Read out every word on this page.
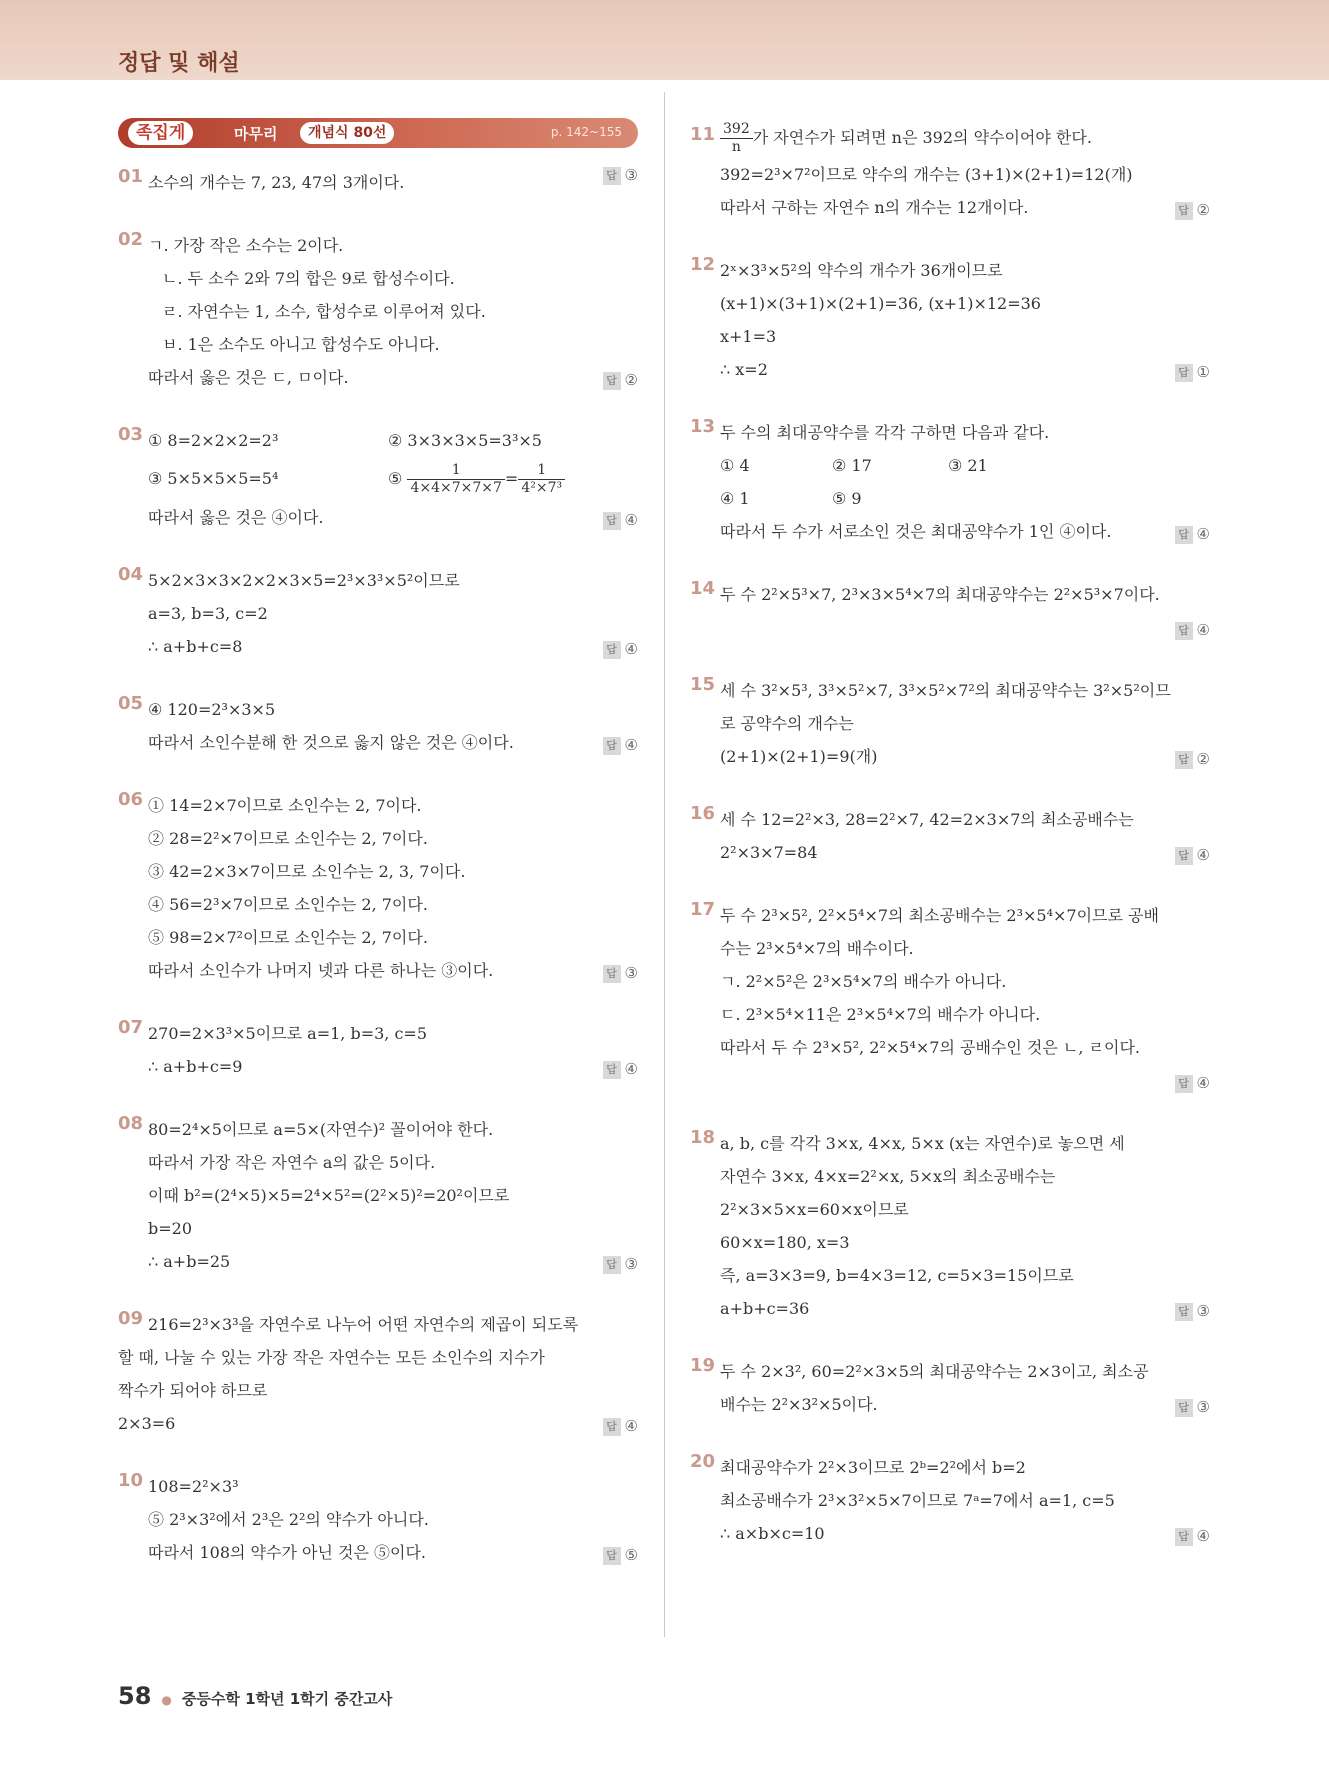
정답 및 해설
족집게	마무리	개념식 80선	p. 142~155
01 소수의 개수는 7, 23, 47의 3개이다.	답 ③
02 ㄱ. 가장 작은 소수는 2이다.
ㄴ. 두 소수 2와 7의 합은 9로 합성수이다.
ㄹ. 자연수는 1, 소수, 합성수로 이루어져 있다.
ㅂ. 1은 소수도 아니고 합성수도 아니다.
따라서 옳은 것은 ㄷ, ㅁ이다.	답 ②
03 ① 8=2×2×2=2³	② 3×3×3×5=3³×5
③ 5×5×5×5=5⁴	⑤ $\frac{1}{4\times 4\times 7\times 7\times 7} = \frac{1}{\text{4²×7³}}$
따라서 옳은 것은 ④이다.	답 ④
04 5×2×3×3×2×2×3×5=2³×3³×5²이므로
a=3, b=3, c=2
∴ a+b+c=8	답 ④
05 ④ 120=2³×3×5
따라서 소인수분해 한 것으로 옳지 않은 것은 ④이다.	답 ④
06 ① 14=2×7이므로 소인수는 2, 7이다.
② 28=2²×7이므로 소인수는 2, 7이다.
③ 42=2×3×7이므로 소인수는 2, 3, 7이다.
④ 56=2³×7이므로 소인수는 2, 7이다.
⑤ 98=2×7²이므로 소인수는 2, 7이다.
따라서 소인수가 나머지 넷과 다른 하나는 ③이다.	답 ③
07 270=2×3³×5이므로 a=1, b=3, c=5
∴ a+b+c=9	답 ④
08 80=2⁴×5이므로 a=5×(자연수)² 꼴이어야 한다.
따라서 가장 작은 자연수 a의 값은 5이다.
이때 b²=(2⁴×5)×5=2⁴×5²=(2²×5)²=20²이므로
b=20
∴ a+b=25	답 ③
09 216=2³×3³을 자연수로 나누어 어떤 자연수의 제곱이 되도록
할 때, 나눌 수 있는 가장 작은 자연수는 모든 소인수의 지수가
짝수가 되어야 하므로
2×3=6	답 ④
10 108=2²×3³
⑤ 2³×3²에서 2³은 2²의 약수가 아니다.
따라서 108의 약수가 아닌 것은 ⑤이다.	답 ⑤
$11 \frac{392}{n}$ 가 자연수가 되려면 n은 392의 약수이어야 한다.
392=2³×7²이므로 약수의 개수는 (3+1)×(2+1)=12(개)
따라서 구하는 자연수 n의 개수는 12개이다.	답 ②
12 2ˣ×3³×5²의 약수의 개수가 36개이므로
(x+1)×(3+1)×(2+1)=36, (x+1)×12=36
x+1=3
∴ x=2	답 ①
13 두 수의 최대공약수를 각각 구하면 다음과 같다.
① 4	② 17	③ 21
④ 1	⑤ 9
따라서 두 수가 서로소인 것은 최대공약수가 1인 ④이다.	답 ④
14 두 수 2²×5³×7, 2³×3×5⁴×7의 최대공약수는 2²×5³×7이다.

답 ④
15 세 수 3²×5³, 3³×5²×7, 3³×5²×7²의 최대공약수는 3²×5²이므
로 공약수의 개수는
(2+1)×(2+1)=9(개)	답 ②
16 세 수 12=2²×3, 28=2²×7, 42=2×3×7의 최소공배수는
2²×3×7=84	답 ④
17 두 수 2³×5², 2²×5⁴×7의 최소공배수는 2³×5⁴×7이므로 공배
수는 2³×5⁴×7의 배수이다.
ㄱ. 2²×5²은 2³×5⁴×7의 배수가 아니다.
ㄷ. 2³×5⁴×11은 2³×5⁴×7의 배수가 아니다.
따라서 두 수 2³×5², 2²×5⁴×7의 공배수인 것은 ㄴ, ㄹ이다.

답 ④
18 a, b, c를 각각 3×x, 4×x, 5×x (x는 자연수)로 놓으면 세
자연수 3×x, 4×x=2²×x, 5×x의 최소공배수는
2²×3×5×x=60×x이므로
60×x=180, x=3
즉, a=3×3=9, b=4×3=12, c=5×3=15이므로
a+b+c=36	답 ③
19 두 수 2×3², 60=2²×3×5의 최대공약수는 2×3이고, 최소공
배수는 2²×3²×5이다.	답 ③
20 최대공약수가 2²×3이므로 2ᵇ=2²에서 b=2
최소공배수가 2³×3²×5×7이므로 7ᵃ=7에서 a=1, c=5
∴ a×b×c=10	답 ④
58 ● 중등수학 1학년 1학기 중간고사
